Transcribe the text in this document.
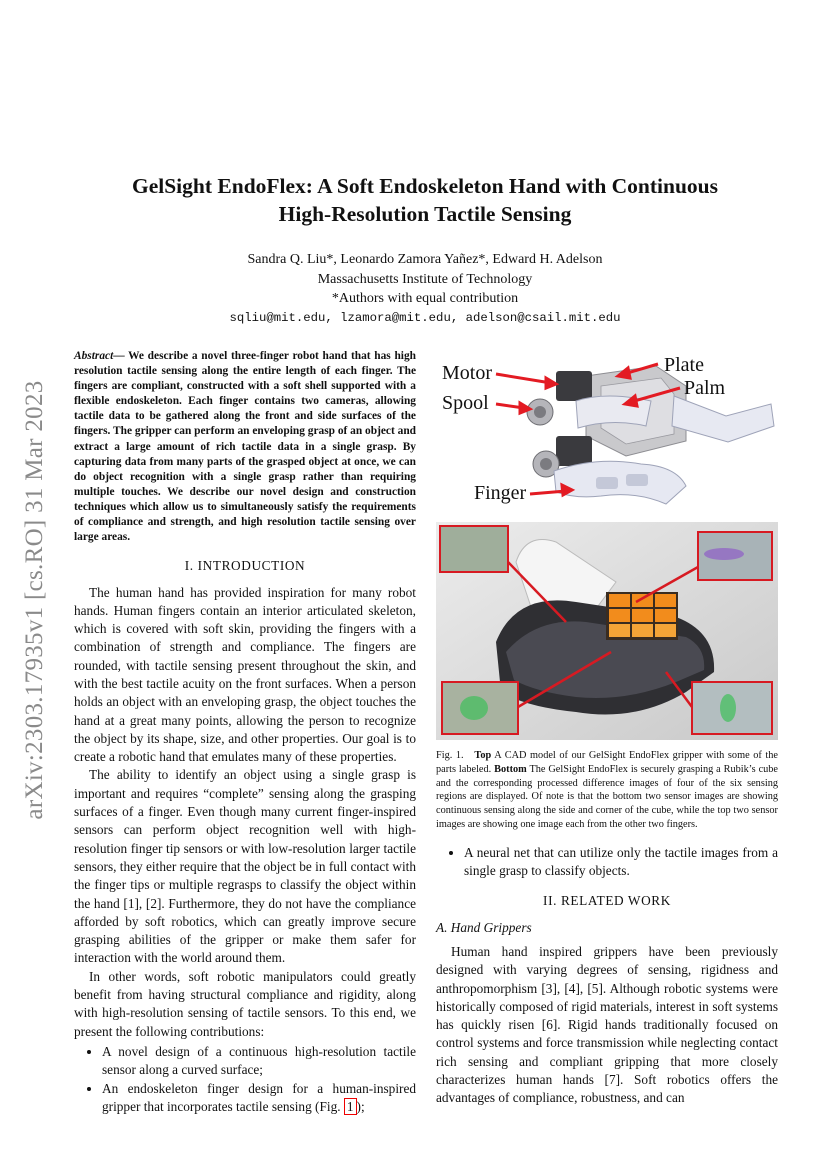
arXiv:2303.17935v1 [cs.RO] 31 Mar 2023
GelSight EndoFlex: A Soft Endoskeleton Hand with Continuous
High-Resolution Tactile Sensing
Sandra Q. Liu*, Leonardo Zamora Yañez*, Edward H. Adelson
Massachusetts Institute of Technology
*Authors with equal contribution
sqliu@mit.edu, lzamora@mit.edu, adelson@csail.mit.edu

Abstract— We describe a novel three-finger robot hand that has high resolution tactile sensing along the entire length of each finger. The fingers are compliant, constructed with a soft shell supported with a flexible endoskeleton. Each finger contains two cameras, allowing tactile data to be gathered along the front and side surfaces of the fingers. The gripper can perform an enveloping grasp of an object and extract a large amount of rich tactile data in a single grasp. By capturing data from many parts of the grasped object at once, we can do object recognition with a single grasp rather than requiring multiple touches. We describe our novel design and construction techniques which allow us to simultaneously satisfy the requirements of compliance and strength, and high resolution tactile sensing over large areas.

I. INTRODUCTION

The human hand has provided inspiration for many robot hands. Human fingers contain an interior articulated skeleton, which is covered with soft skin, providing the fingers with a combination of strength and compliance. The fingers are rounded, with tactile sensing present throughout the skin, and with the best tactile acuity on the front surfaces. When a person holds an object with an enveloping grasp, the object touches the hand at a great many points, allowing the person to recognize the object by its shape, size, and other properties. Our goal is to create a robotic hand that emulates many of these properties.

The ability to identify an object using a single grasp is important and requires “complete” sensing along the grasping surfaces of a finger. Even though many current finger-inspired sensors can perform object recognition well with high-resolution finger tip sensors or with low-resolution larger tactile sensors, they either require that the object be in full contact with the finger tips or multiple regrasps to classify the object within the hand [1], [2]. Furthermore, they do not have the compliance afforded by soft robotics, which can greatly improve secure grasping abilities of the gripper or make them safer for interaction with the world around them.

In other words, soft robotic manipulators could greatly benefit from having structural compliance and rigidity, along with high-resolution sensing of tactile sensors. To this end, we present the following contributions:

• A novel design of a continuous high-resolution tactile sensor along a curved surface;
• An endoskeleton finger design for a human-inspired gripper that incorporates tactile sensing (Fig. 1 );
Motor
Spool
Plate
Palm
Finger
Fig. 1. Top A CAD model of our GelSight EndoFlex gripper with some of the parts labeled. Bottom The GelSight EndoFlex is securely grasping a Rubik’s cube and the corresponding processed difference images of four of the six sensing regions are displayed. Of note is that the bottom two sensor images are showing continuous sensing along the side and corner of the cube, while the top two sensor images are showing one image each from the other two fingers.
• A neural net that can utilize only the tactile images from a single grasp to classify objects.
II. RELATED WORK
A. Hand Grippers

Human hand inspired grippers have been previously designed with varying degrees of sensing, rigidness and anthropomorphism [3], [4], [5]. Although robotic systems were historically composed of rigid materials, interest in soft systems has quickly risen [6]. Rigid hands traditionally focused on control systems and force transmission while neglecting contact rich sensing and compliant gripping that more closely characterizes human hands [7]. Soft robotics offers the advantages of compliance, robustness, and can
